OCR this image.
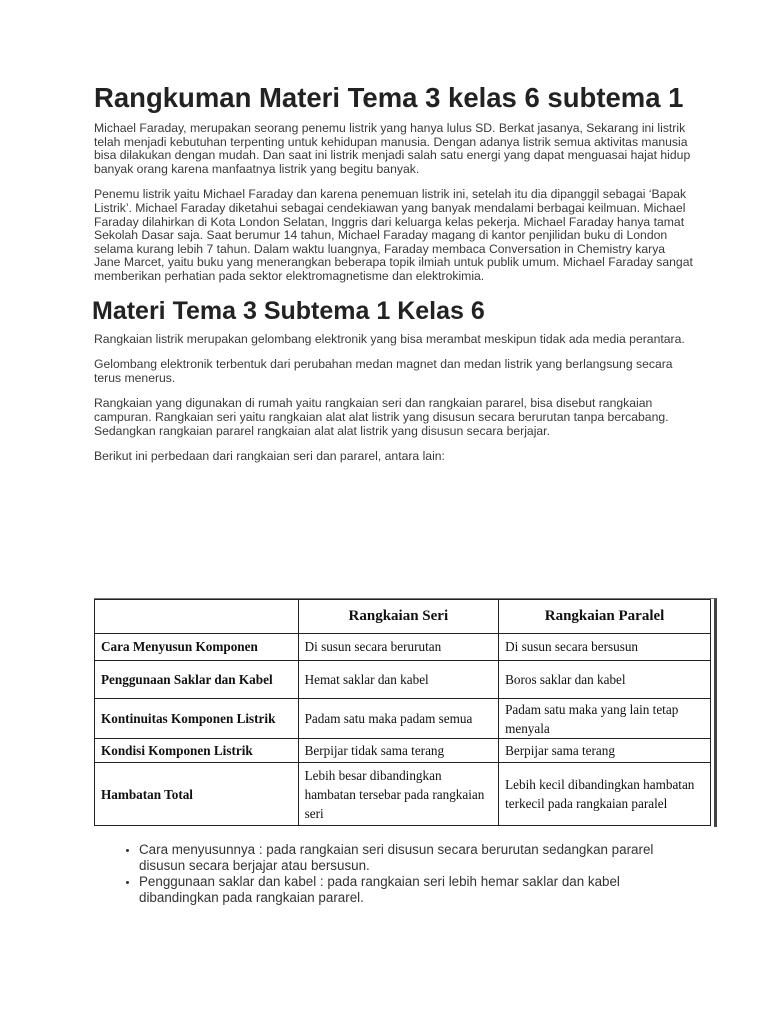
Rangkuman Materi Tema 3 kelas 6 subtema 1

Michael Faraday, merupakan seorang penemu listrik yang hanya lulus SD. Berkat jasanya, Sekarang ini listrik telah menjadi kebutuhan terpenting untuk kehidupan manusia. Dengan adanya listrik semua aktivitas manusia bisa dilakukan dengan mudah. Dan saat ini listrik menjadi salah satu energi yang dapat menguasai hajat hidup banyak orang karena manfaatnya listrik yang begitu banyak.

Penemu listrik yaitu Michael Faraday dan karena penemuan listrik ini, setelah itu dia dipanggil sebagai ‘Bapak Listrik’. Michael Faraday diketahui sebagai cendekiawan yang banyak mendalami berbagai keilmuan. Michael Faraday dilahirkan di Kota London Selatan, Inggris dari keluarga kelas pekerja. Michael Faraday hanya tamat Sekolah Dasar saja. Saat berumur 14 tahun, Michael Faraday magang di kantor penjilidan buku di London selama kurang lebih 7 tahun. Dalam waktu luangnya, Faraday membaca Conversation in Chemistry karya Jane Marcet, yaitu buku yang menerangkan beberapa topik ilmiah untuk publik umum. Michael Faraday sangat memberikan perhatian pada sektor elektromagnetisme dan elektrokimia.

Materi Tema 3 Subtema 1 Kelas 6

Rangkaian listrik merupakan gelombang elektronik yang bisa merambat meskipun tidak ada media perantara.

Gelombang elektronik terbentuk dari perubahan medan magnet dan medan listrik yang berlangsung secara terus menerus.

Rangkaian yang digunakan di rumah yaitu rangkaian seri dan rangkaian pararel, bisa disebut rangkaian campuran. Rangkaian seri yaitu rangkaian alat alat listrik yang disusun secara berurutan tanpa bercabang. Sedangkan rangkaian pararel rangkaian alat alat listrik yang disusun secara berjajar.

Berikut ini perbedaan dari rangkaian seri dan pararel, antara lain:

	Rangkaian Seri	Rangkaian Paralel
Cara Menyusun Komponen	Di susun secara berurutan	Di susun secara bersusun
Penggunaan Saklar dan Kabel	Hemat saklar dan kabel	Boros saklar dan kabel
Kontinuitas Komponen Listrik	Padam satu maka padam semua	Padam satu maka yang lain tetap menyala
Kondisi Komponen Listrik	Berpijar tidak sama terang	Berpijar sama terang
Hambatan Total	Lebih besar dibandingkan hambatan tersebar pada rangkaian seri	Lebih kecil dibandingkan hambatan terkecil pada rangkaian paralel
• Cara menyusunnya : pada rangkaian seri disusun secara berurutan sedangkan pararel disusun secara berjajar atau bersusun.
• Penggunaan saklar dan kabel : pada rangkaian seri lebih hemar saklar dan kabel dibandingkan pada rangkaian pararel.
